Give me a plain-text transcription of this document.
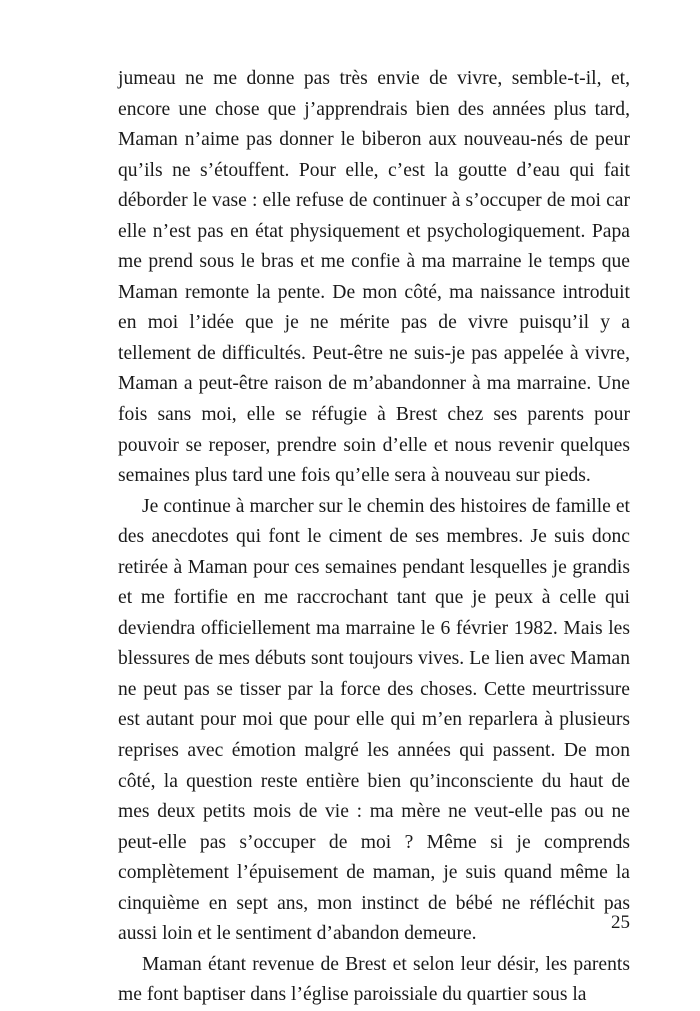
jumeau ne me donne pas très envie de vivre, semble-t-il, et, encore une chose que j’apprendrais bien des années plus tard, Maman n’aime pas donner le biberon aux nouveau-nés de peur qu’ils ne s’étouffent. Pour elle, c’est la goutte d’eau qui fait déborder le vase : elle refuse de continuer à s’occuper de moi car elle n’est pas en état physiquement et psychologiquement. Papa me prend sous le bras et me confie à ma marraine le temps que Maman remonte la pente. De mon côté, ma naissance introduit en moi l’idée que je ne mérite pas de vivre puisqu’il y a tellement de difficultés. Peut-être ne suis-je pas appelée à vivre, Maman a peut-être raison de m’abandonner à ma marraine. Une fois sans moi, elle se réfugie à Brest chez ses parents pour pouvoir se reposer, prendre soin d’elle et nous revenir quelques semaines plus tard une fois qu’elle sera à nouveau sur pieds.

Je continue à marcher sur le chemin des histoires de famille et des anecdotes qui font le ciment de ses membres. Je suis donc retirée à Maman pour ces semaines pendant lesquelles je grandis et me fortifie en me raccrochant tant que je peux à celle qui deviendra officiellement ma marraine le 6 février 1982. Mais les blessures de mes débuts sont toujours vives. Le lien avec Maman ne peut pas se tisser par la force des choses. Cette meurtrissure est autant pour moi que pour elle qui m’en reparlera à plusieurs reprises avec émotion malgré les années qui passent. De mon côté, la question reste entière bien qu’inconsciente du haut de mes deux petits mois de vie : ma mère ne veut-elle pas ou ne peut-elle pas s’occuper de moi ? Même si je comprends complètement l’épuisement de maman, je suis quand même la cinquième en sept ans, mon instinct de bébé ne réfléchit pas aussi loin et le sentiment d’abandon demeure.

Maman étant revenue de Brest et selon leur désir, les parents me font baptiser dans l’église paroissiale du quartier sous la

25
